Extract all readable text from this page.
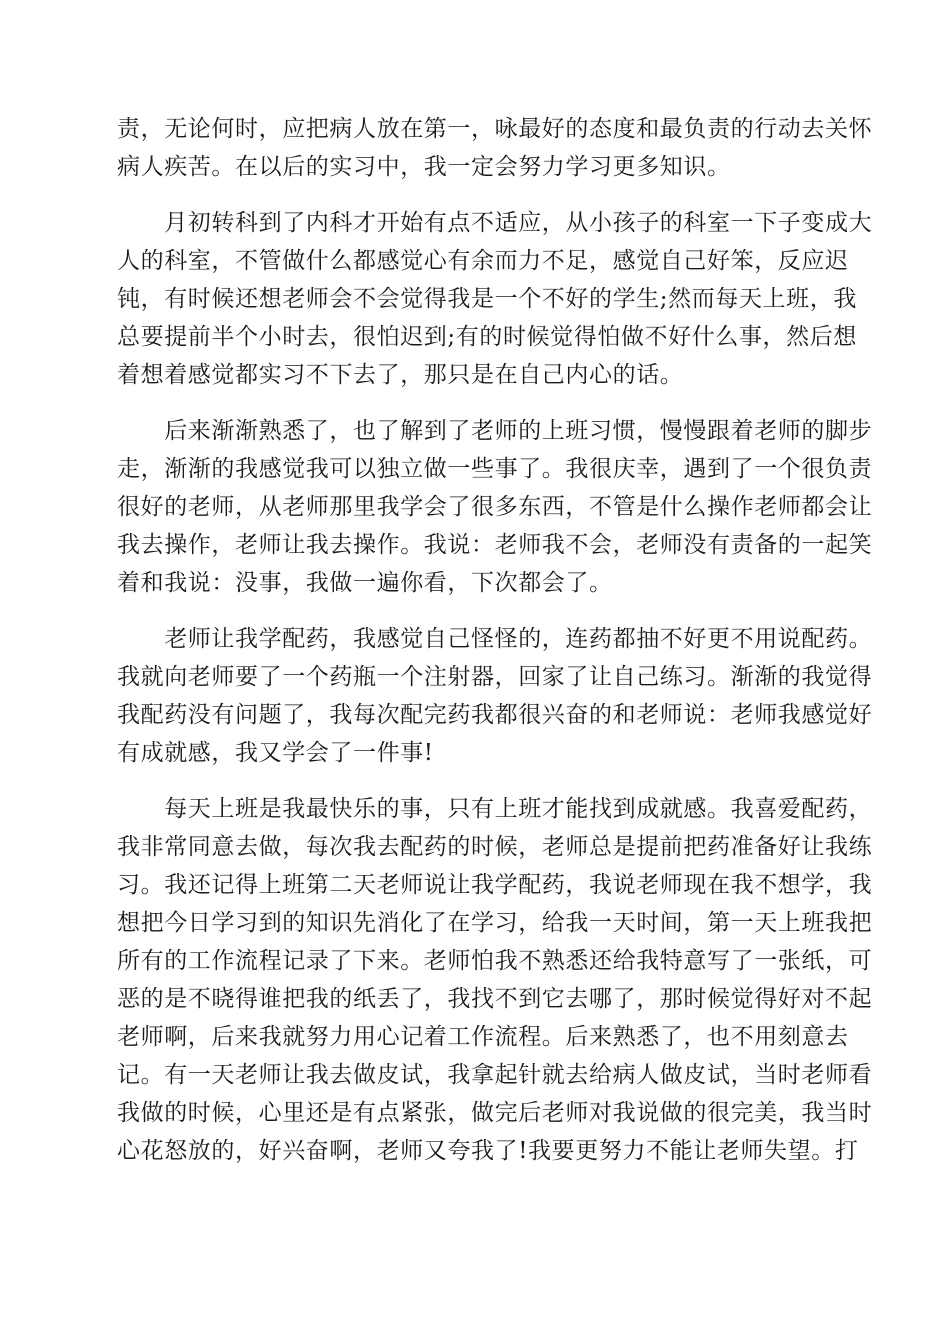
责，无论何时，应把病人放在第一，咏最好的态度和最负责的行动去关怀
病人疾苦。在以后的实习中，我一定会努力学习更多知识。

　　月初转科到了内科才开始有点不适应，从小孩子的科室一下子变成大
人的科室，不管做什么都感觉心有余而力不足，感觉自己好笨，反应迟
钝，有时候还想老师会不会觉得我是一个不好的学生;然而每天上班，我
总要提前半个小时去，很怕迟到;有的时候觉得怕做不好什么事，然后想
着想着感觉都实习不下去了，那只是在自己内心的话。

　　后来渐渐熟悉了，也了解到了老师的上班习惯，慢慢跟着老师的脚步
走，渐渐的我感觉我可以独立做一些事了。我很庆幸，遇到了一个很负责
很好的老师，从老师那里我学会了很多东西，不管是什么操作老师都会让
我去操作，老师让我去操作。我说：老师我不会，老师没有责备的一起笑
着和我说：没事，我做一遍你看，下次都会了。

　　老师让我学配药，我感觉自己怪怪的，连药都抽不好更不用说配药。
我就向老师要了一个药瓶一个注射器，回家了让自己练习。渐渐的我觉得
我配药没有问题了，我每次配完药我都很兴奋的和老师说：老师我感觉好
有成就感，我又学会了一件事!

　　每天上班是我最快乐的事，只有上班才能找到成就感。我喜爱配药，
我非常同意去做，每次我去配药的时候，老师总是提前把药准备好让我练
习。我还记得上班第二天老师说让我学配药，我说老师现在我不想学，我
想把今日学习到的知识先消化了在学习，给我一天时间，第一天上班我把
所有的工作流程记录了下来。老师怕我不熟悉还给我特意写了一张纸，可
恶的是不晓得谁把我的纸丢了，我找不到它去哪了，那时候觉得好对不起
老师啊，后来我就努力用心记着工作流程。后来熟悉了，也不用刻意去
记。有一天老师让我去做皮试，我拿起针就去给病人做皮试，当时老师看
我做的时候，心里还是有点紧张，做完后老师对我说做的很完美，我当时
心花怒放的，好兴奋啊，老师又夸我了!我要更努力不能让老师失望。打
